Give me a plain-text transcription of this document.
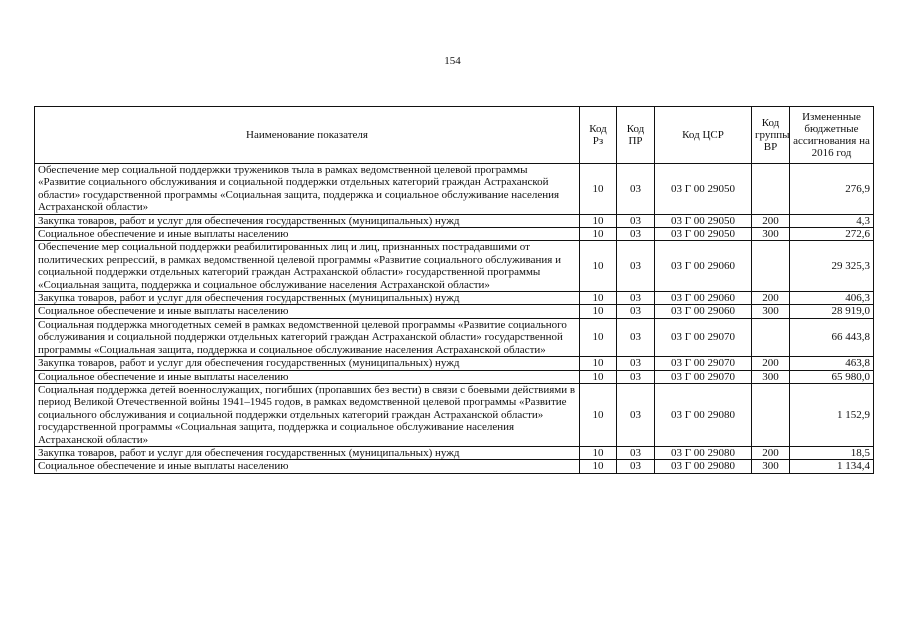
154
Наименование показателя	Код Рз	Код ПР	Код ЦСР	Код группы ВР	Измененные бюджетные ассигнования на 2016 год
Обеспечение мер социальной поддержки тружеников тыла в рамках ведомственной целевой программы «Развитие социального обслуживания и социальной поддержки отдельных категорий граждан Астраханской области» государственной программы «Социальная защита, поддержка и социальное обслуживание населения Астраханской области»	10	03	03 Г 00 29050		276,9
Закупка товаров, работ и услуг для обеспечения государственных (муниципальных) нужд	10	03	03 Г 00 29050	200	4,3
Социальное обеспечение и иные выплаты населению	10	03	03 Г 00 29050	300	272,6
Обеспечение мер социальной поддержки реабилитированных лиц и лиц, признанных пострадавшими от политических репрессий, в рамках ведомственной целевой программы «Развитие социального обслуживания и социальной поддержки отдельных категорий граждан Астраханской области» государственной программы «Социальная защита, поддержка и социальное обслуживание населения Астраханской области»	10	03	03 Г 00 29060		29 325,3
Закупка товаров, работ и услуг для обеспечения государственных (муниципальных) нужд	10	03	03 Г 00 29060	200	406,3
Социальное обеспечение и иные выплаты населению	10	03	03 Г 00 29060	300	28 919,0
Социальная поддержка многодетных семей в рамках ведомственной целевой программы «Развитие социального обслуживания и социальной поддержки отдельных категорий граждан Астраханской области» государственной программы «Социальная защита, поддержка и социальное обслуживание населения Астраханской области»	10	03	03 Г 00 29070		66 443,8
Закупка товаров, работ и услуг для обеспечения государственных (муниципальных) нужд	10	03	03 Г 00 29070	200	463,8
Социальное обеспечение и иные выплаты населению	10	03	03 Г 00 29070	300	65 980,0
Социальная поддержка детей военнослужащих, погибших (пропавших без вести) в связи с боевыми действиями в период Великой Отечественной войны 1941–1945 годов, в рамках ведомственной целевой программы «Развитие социального обслуживания и социальной поддержки отдельных категорий граждан Астраханской области» государственной программы «Социальная защита, поддержка и социальное обслуживание населения Астраханской области»	10	03	03 Г 00 29080		1 152,9
Закупка товаров, работ и услуг для обеспечения государственных (муниципальных) нужд	10	03	03 Г 00 29080	200	18,5
Социальное обеспечение и иные выплаты населению	10	03	03 Г 00 29080	300	1 134,4
